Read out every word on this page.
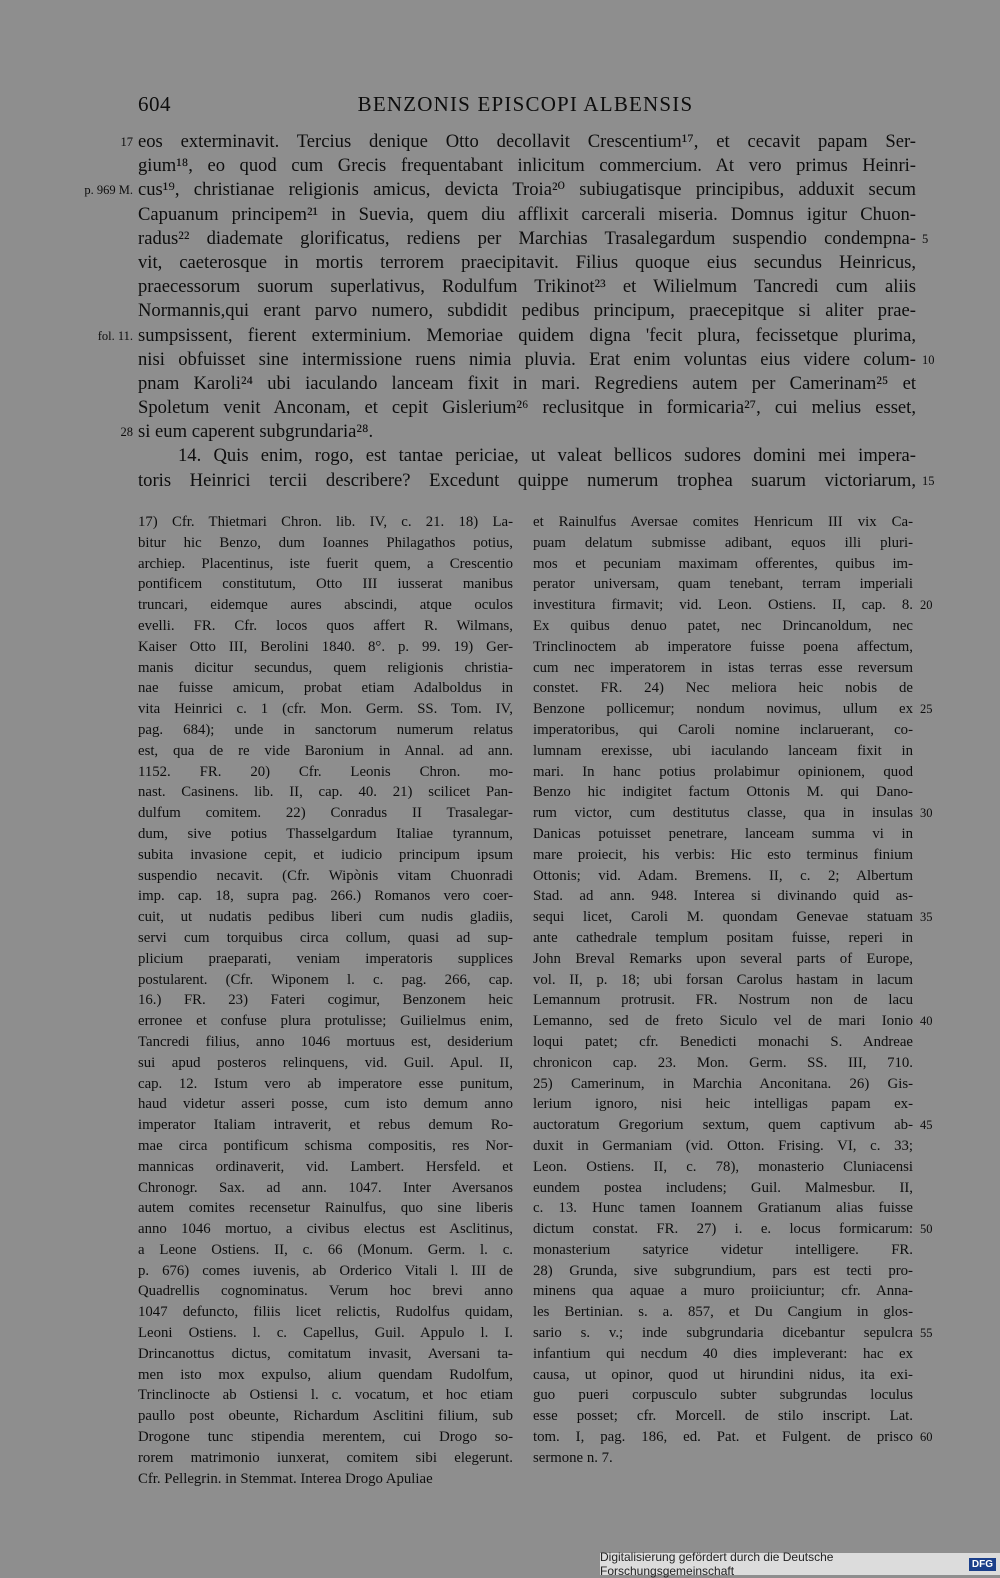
604	BENZONIS EPISCOPI ALBENSIS
eos exterminavit. Tercius denique Otto decollavit Crescentium¹⁷, et cecavit papam Ser-
gium¹⁸, eo quod cum Grecis frequentabant inlicitum commercium. At vero primus Heinri-
cus¹⁹, christianae religionis amicus, devicta Troia²⁰ subiugatisque principibus, adduxit secum
Capuanum principem²¹ in Suevia, quem diu afflixit carcerali miseria. Domnus igitur Chuon-
radus²² diademate glorificatus, rediens per Marchias Trasalegardum suspendio condempna-
vit, caeterosque in mortis terrorem praecipitavit. Filius quoque eius secundus Heinricus,
praecessorum suorum superlativus, Rodulfum Trikinot²³ et Wilielmum Tancredi cum aliis
Normannis,qui erant parvo numero, subdidit pedibus principum, praecepitque si aliter prae-
sumpsissent, fierent exterminium. Memoriae quidem digna 'fecit plura, fecissetque plurima,
nisi obfuisset sine intermissione ruens nimia pluvia. Erat enim voluntas eius videre colum-
pnam Karoli²⁴ ubi iaculando lanceam fixit in mari. Regrediens autem per Camerinam²⁵ et
Spoletum venit Anconam, et cepit Gislerium²⁶ reclusitque in formicaria²⁷, cui melius esset,
si eum caperent subgrundaria²⁸.
14. Quis enim, rogo, est tantae periciae, ut valeat bellicos sudores domini mei impera-
toris Heinrici tercii describere? Excedunt quippe numerum trophea suarum victoriarum,
17
p. 969 M.
fol. 11.
28
5
10
15
17) Cfr. Thietmari Chron. lib. IV, c. 21. 18) La-
bitur hic Benzo, dum Ioannes Philagathos potius,
archiep. Placentinus, iste fuerit quem, a Crescentio
pontificem constitutum, Otto III iusserat manibus
truncari, eidemque aures abscindi, atque oculos
evelli. FR. Cfr. locos quos affert R. Wilmans,
Kaiser Otto III, Berolini 1840. 8°. p. 99. 19) Ger-
manis dicitur secundus, quem religionis christia-
nae fuisse amicum, probat etiam Adalboldus in
vita Heinrici c. 1 (cfr. Mon. Germ. SS. Tom. IV,
pag. 684); unde in sanctorum numerum relatus
est, qua de re vide Baronium in Annal. ad ann.
1152. FR. 20) Cfr. Leonis Chron. mo-
nast. Casinens. lib. II, cap. 40. 21) scilicet Pan-
dulfum comitem. 22) Conradus II Trasalegar-
dum, sive potius Thasselgardum Italiae tyrannum,
subita invasione cepit, et iudicio principum ipsum
suspendio necavit. (Cfr. Wipònis vitam Chuonradi
imp. cap. 18, supra pag. 266.) Romanos vero coer-
cuit, ut nudatis pedibus liberi cum nudis gladiis,
servi cum torquibus circa collum, quasi ad sup-
plicium praeparati, veniam imperatoris supplices
postularent. (Cfr. Wiponem l. c. pag. 266, cap.
16.) FR. 23) Fateri cogimur, Benzonem heic
erronee et confuse plura protulisse; Guilielmus enim,
Tancredi filius, anno 1046 mortuus est, desiderium
sui apud posteros relinquens, vid. Guil. Apul. II,
cap. 12. Istum vero ab imperatore esse punitum,
haud videtur asseri posse, cum isto demum anno
imperator Italiam intraverit, et rebus demum Ro-
mae circa pontificum schisma compositis, res Nor-
mannicas ordinaverit, vid. Lambert. Hersfeld. et
Chronogr. Sax. ad ann. 1047. Inter Aversanos
autem comites recensetur Rainulfus, quo sine liberis
anno 1046 mortuo, a civibus electus est Asclitinus,
a Leone Ostiens. II, c. 66 (Monum. Germ. l. c.
p. 676) comes iuvenis, ab Orderico Vitali l. III de
Quadrellis cognominatus. Verum hoc brevi anno
1047 defuncto, filiis licet relictis, Rudolfus quidam,
Leoni Ostiens. l. c. Capellus, Guil. Appulo l. I.
Drincanottus dictus, comitatum invasit, Aversani ta-
men isto mox expulso, alium quendam Rudolfum,
Trinclinocte ab Ostiensi l. c. vocatum, et hoc etiam
paullo post obeunte, Richardum Asclitini filium, sub
Drogone tunc stipendia merentem, cui Drogo so-
rorem matrimonio iunxerat, comitem sibi elegerunt.
Cfr. Pellegrin. in Stemmat. Interea Drogo Apuliae
et Rainulfus Aversae comites Henricum III vix Ca-
puam delatum submisse adibant, equos illi pluri-
mos et pecuniam maximam offerentes, quibus im-
perator universam, quam tenebant, terram imperiali
investitura firmavit; vid. Leon. Ostiens. II, cap. 8.
Ex quibus denuo patet, nec Drincanoldum, nec
Trinclinoctem ab imperatore fuisse poena affectum,
cum nec imperatorem in istas terras esse reversum
constet. FR. 24) Nec meliora heic nobis de
Benzone pollicemur; nondum novimus, ullum ex
imperatoribus, qui Caroli nomine inclaruerant, co-
lumnam erexisse, ubi iaculando lanceam fixit in
mari. In hanc potius prolabimur opinionem, quod
Benzo hic indigitet factum Ottonis M. qui Dano-
rum victor, cum destitutus classe, qua in insulas
Danicas potuisset penetrare, lanceam summa vi in
mare proiecit, his verbis: Hic esto terminus finium
Ottonis; vid. Adam. Bremens. II, c. 2; Albertum
Stad. ad ann. 948. Interea si divinando quid as-
sequi licet, Caroli M. quondam Genevae statuam
ante cathedrale templum positam fuisse, reperi in
John Breval Remarks upon several parts of Europe,
vol. II, p. 18; ubi forsan Carolus hastam in lacum
Lemannum protrusit. FR. Nostrum non de lacu
Lemanno, sed de freto Siculo vel de mari Ionio
loqui patet; cfr. Benedicti monachi S. Andreae
chronicon cap. 23. Mon. Germ. SS. III, 710.
25) Camerinum, in Marchia Anconitana. 26) Gis-
lerium ignoro, nisi heic intelligas papam ex-
auctoratum Gregorium sextum, quem captivum ab-
duxit in Germaniam (vid. Otton. Frising. VI, c. 33;
Leon. Ostiens. II, c. 78), monasterio Cluniacensi
eundem postea includens; Guil. Malmesbur. II,
c. 13. Hunc tamen Ioannem Gratianum alias fuisse
dictum constat. FR. 27) i. e. locus formicarum:
monasterium satyrice videtur intelligere. FR.
28) Grunda, sive subgrundium, pars est tecti pro-
minens qua aquae a muro proiiciuntur; cfr. Anna-
les Bertinian. s. a. 857, et Du Cangium in glos-
sario s. v.; inde subgrundaria dicebantur sepulcra
infantium qui necdum 40 dies impleverant: hac ex
causa, ut opinor, quod ut hirundini nidus, ita exi-
guo pueri corpusculo subter subgrundas loculus
esse posset; cfr. Morcell. de stilo inscript. Lat.
tom. I, pag. 186, ed. Pat. et Fulgent. de prisco
sermone n. 7.
20
25
30
35
40
45
50
55
60
Digitalisierung gefördert durch die Deutsche Forschungsgemeinschaft	DFG
